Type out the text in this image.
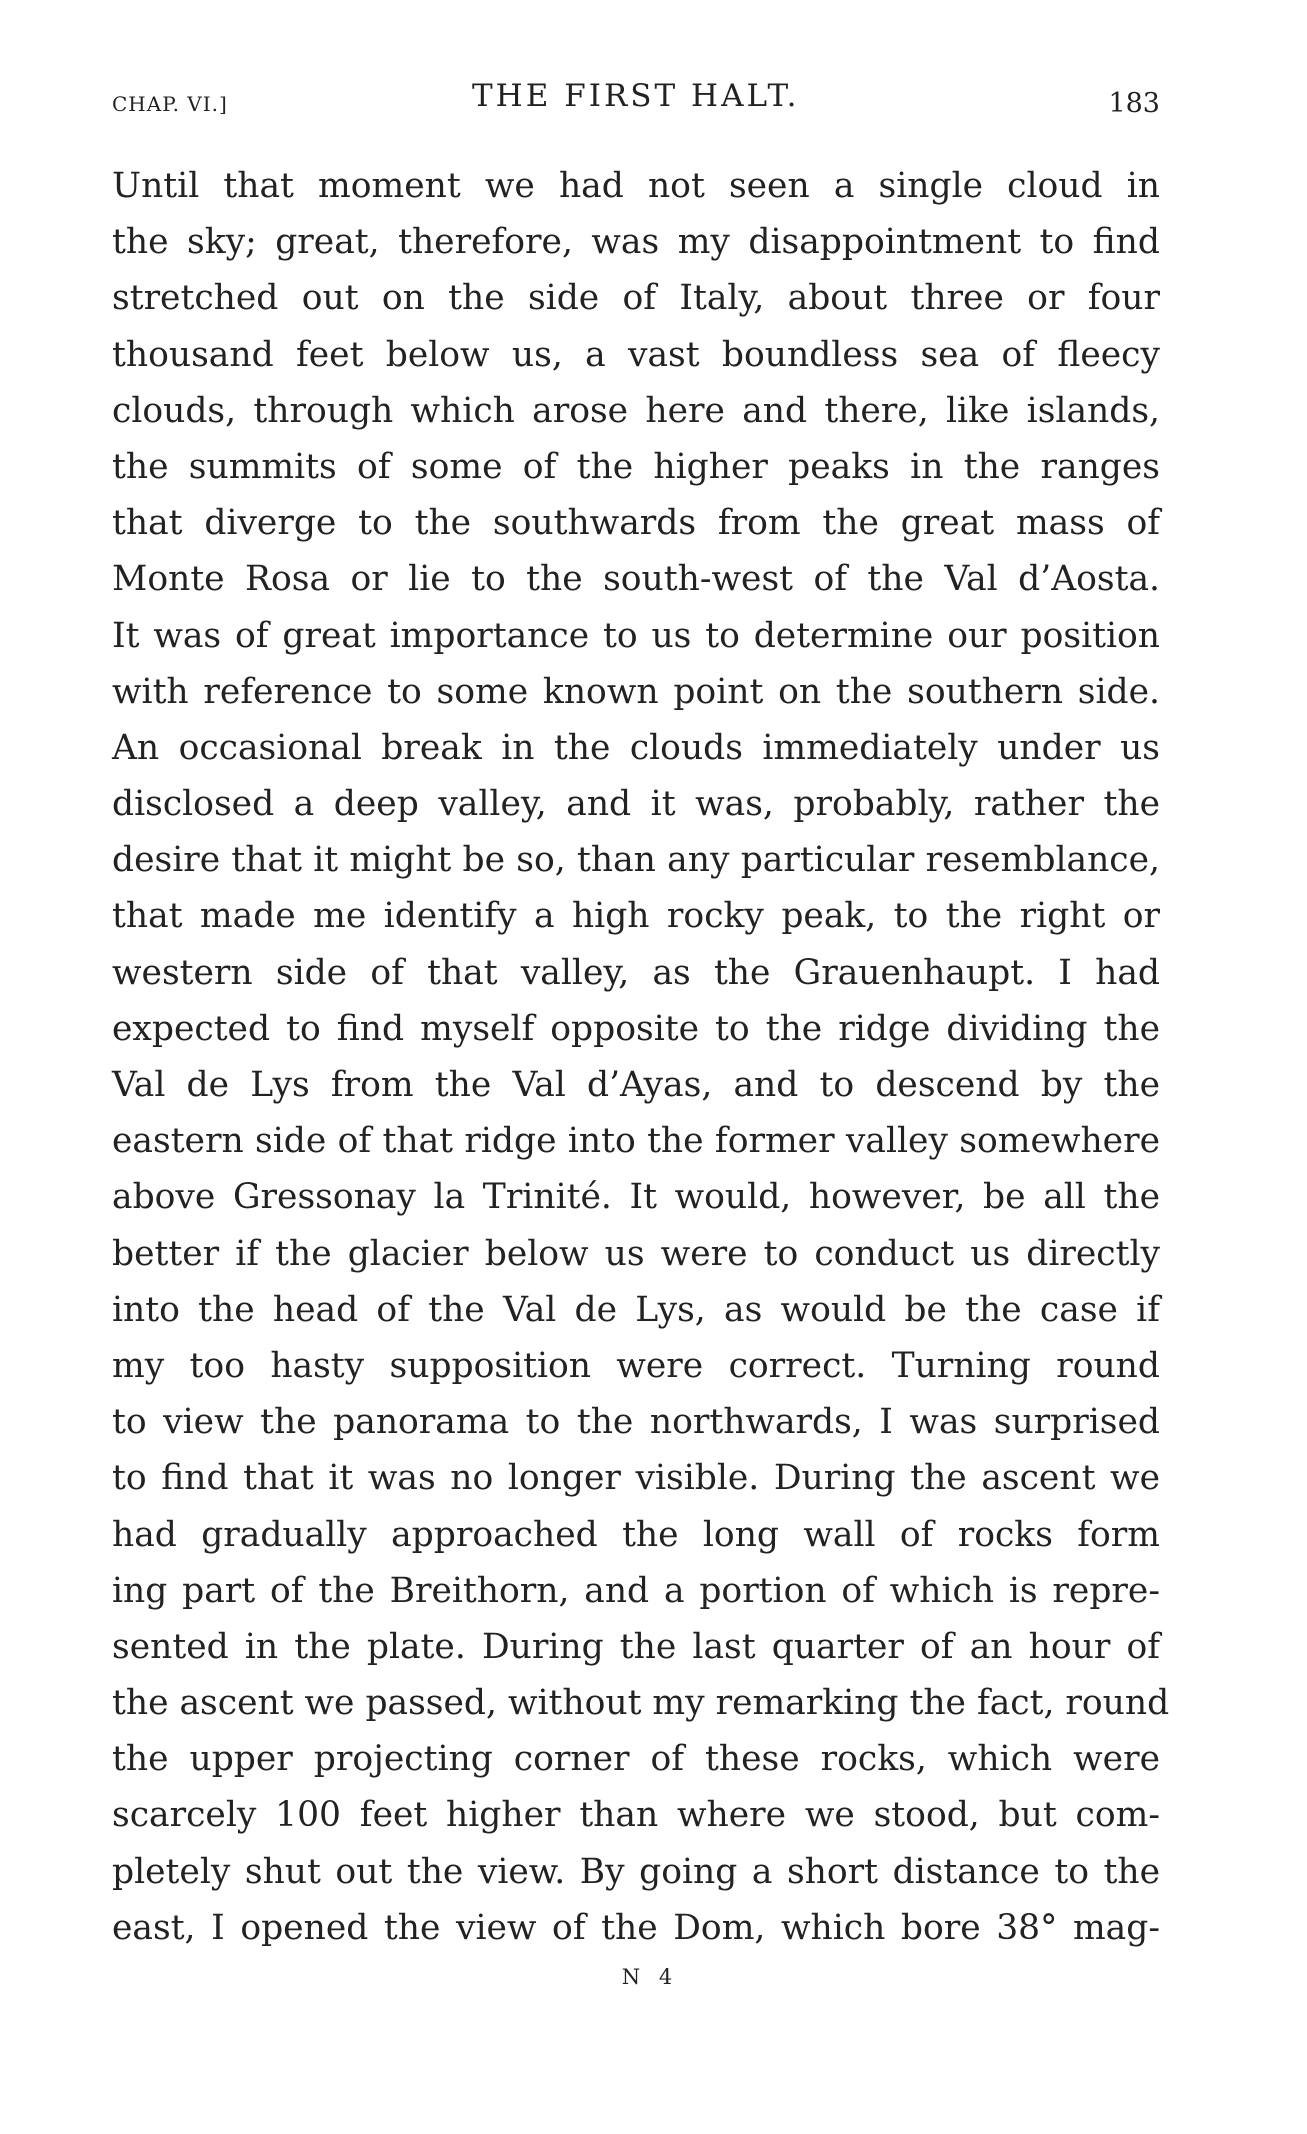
CHAP. VI.]	THE FIRST HALT.	183
Until that moment we had not seen a single cloud in
the sky; great, therefore, was my disappointment to find
stretched out on the side of Italy, about three or four
thousand feet below us, a vast boundless sea of fleecy
clouds, through which arose here and there, like islands,
the summits of some of the higher peaks in the ranges
that diverge to the southwards from the great mass of
Monte Rosa or lie to the south-west of the Val d’Aosta.
It was of great importance to us to determine our position
with reference to some known point on the southern side.
An occasional break in the clouds immediately under us
disclosed a deep valley, and it was, probably, rather the
desire that it might be so, than any particular resemblance,
that made me identify a high rocky peak, to the right or
western side of that valley, as the Grauenhaupt. I had
expected to find myself opposite to the ridge dividing the
Val de Lys from the Val d’Ayas, and to descend by the
eastern side of that ridge into the former valley somewhere
above Gressonay la Trinité. It would, however, be all the
better if the glacier below us were to conduct us directly
into the head of the Val de Lys, as would be the case if
my too hasty supposition were correct. Turning round
to view the panorama to the northwards, I was surprised
to find that it was no longer visible. During the ascent we
had gradually approached the long wall of rocks form
ing part of the Breithorn, and a portion of which is repre-
sented in the plate. During the last quarter of an hour of
the ascent we passed, without my remarking the fact, round
the upper projecting corner of these rocks, which were
scarcely 100 feet higher than where we stood, but com-
pletely shut out the view. By going a short distance to the
east, I opened the view of the Dom, which bore 38° mag-
N 4
